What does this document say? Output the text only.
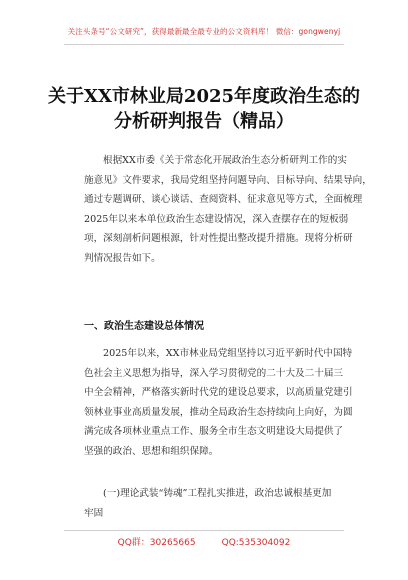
关注头条号“公文研究”，获得最新最全最专业的公文资料库！ 微信：gongwenyj
关于XX市林业局2025年度政治生态的
分析研判报告（精品）
根据XX市委《关于常态化开展政治生态分析研判工作的实
施意见》文件要求，我局党组坚持问题导向、目标导向、结果导向，
通过专题调研、谈心谈话、查阅资料、征求意见等方式，全面梳理
2025年以来本单位政治生态建设情况，深入查摆存在的短板弱
项，深刻剖析问题根源，针对性提出整改提升措施。现将分析研
判情况报告如下。
一、政治生态建设总体情况
2025年以来，XX市林业局党组坚持以习近平新时代中国特
色社会主义思想为指导，深入学习贯彻党的二十大及二十届三
中全会精神，严格落实新时代党的建设总要求，以高质量党建引
领林业事业高质量发展，推动全局政治生态持续向上向好，为圆
满完成各项林业重点工作、服务全市生态文明建设大局提供了
坚强的政治、思想和组织保障。
(一)理论武装“铸魂”工程扎实推进，政治忠诚根基更加
牢固
QQ群：30265665	QQ:535304092
